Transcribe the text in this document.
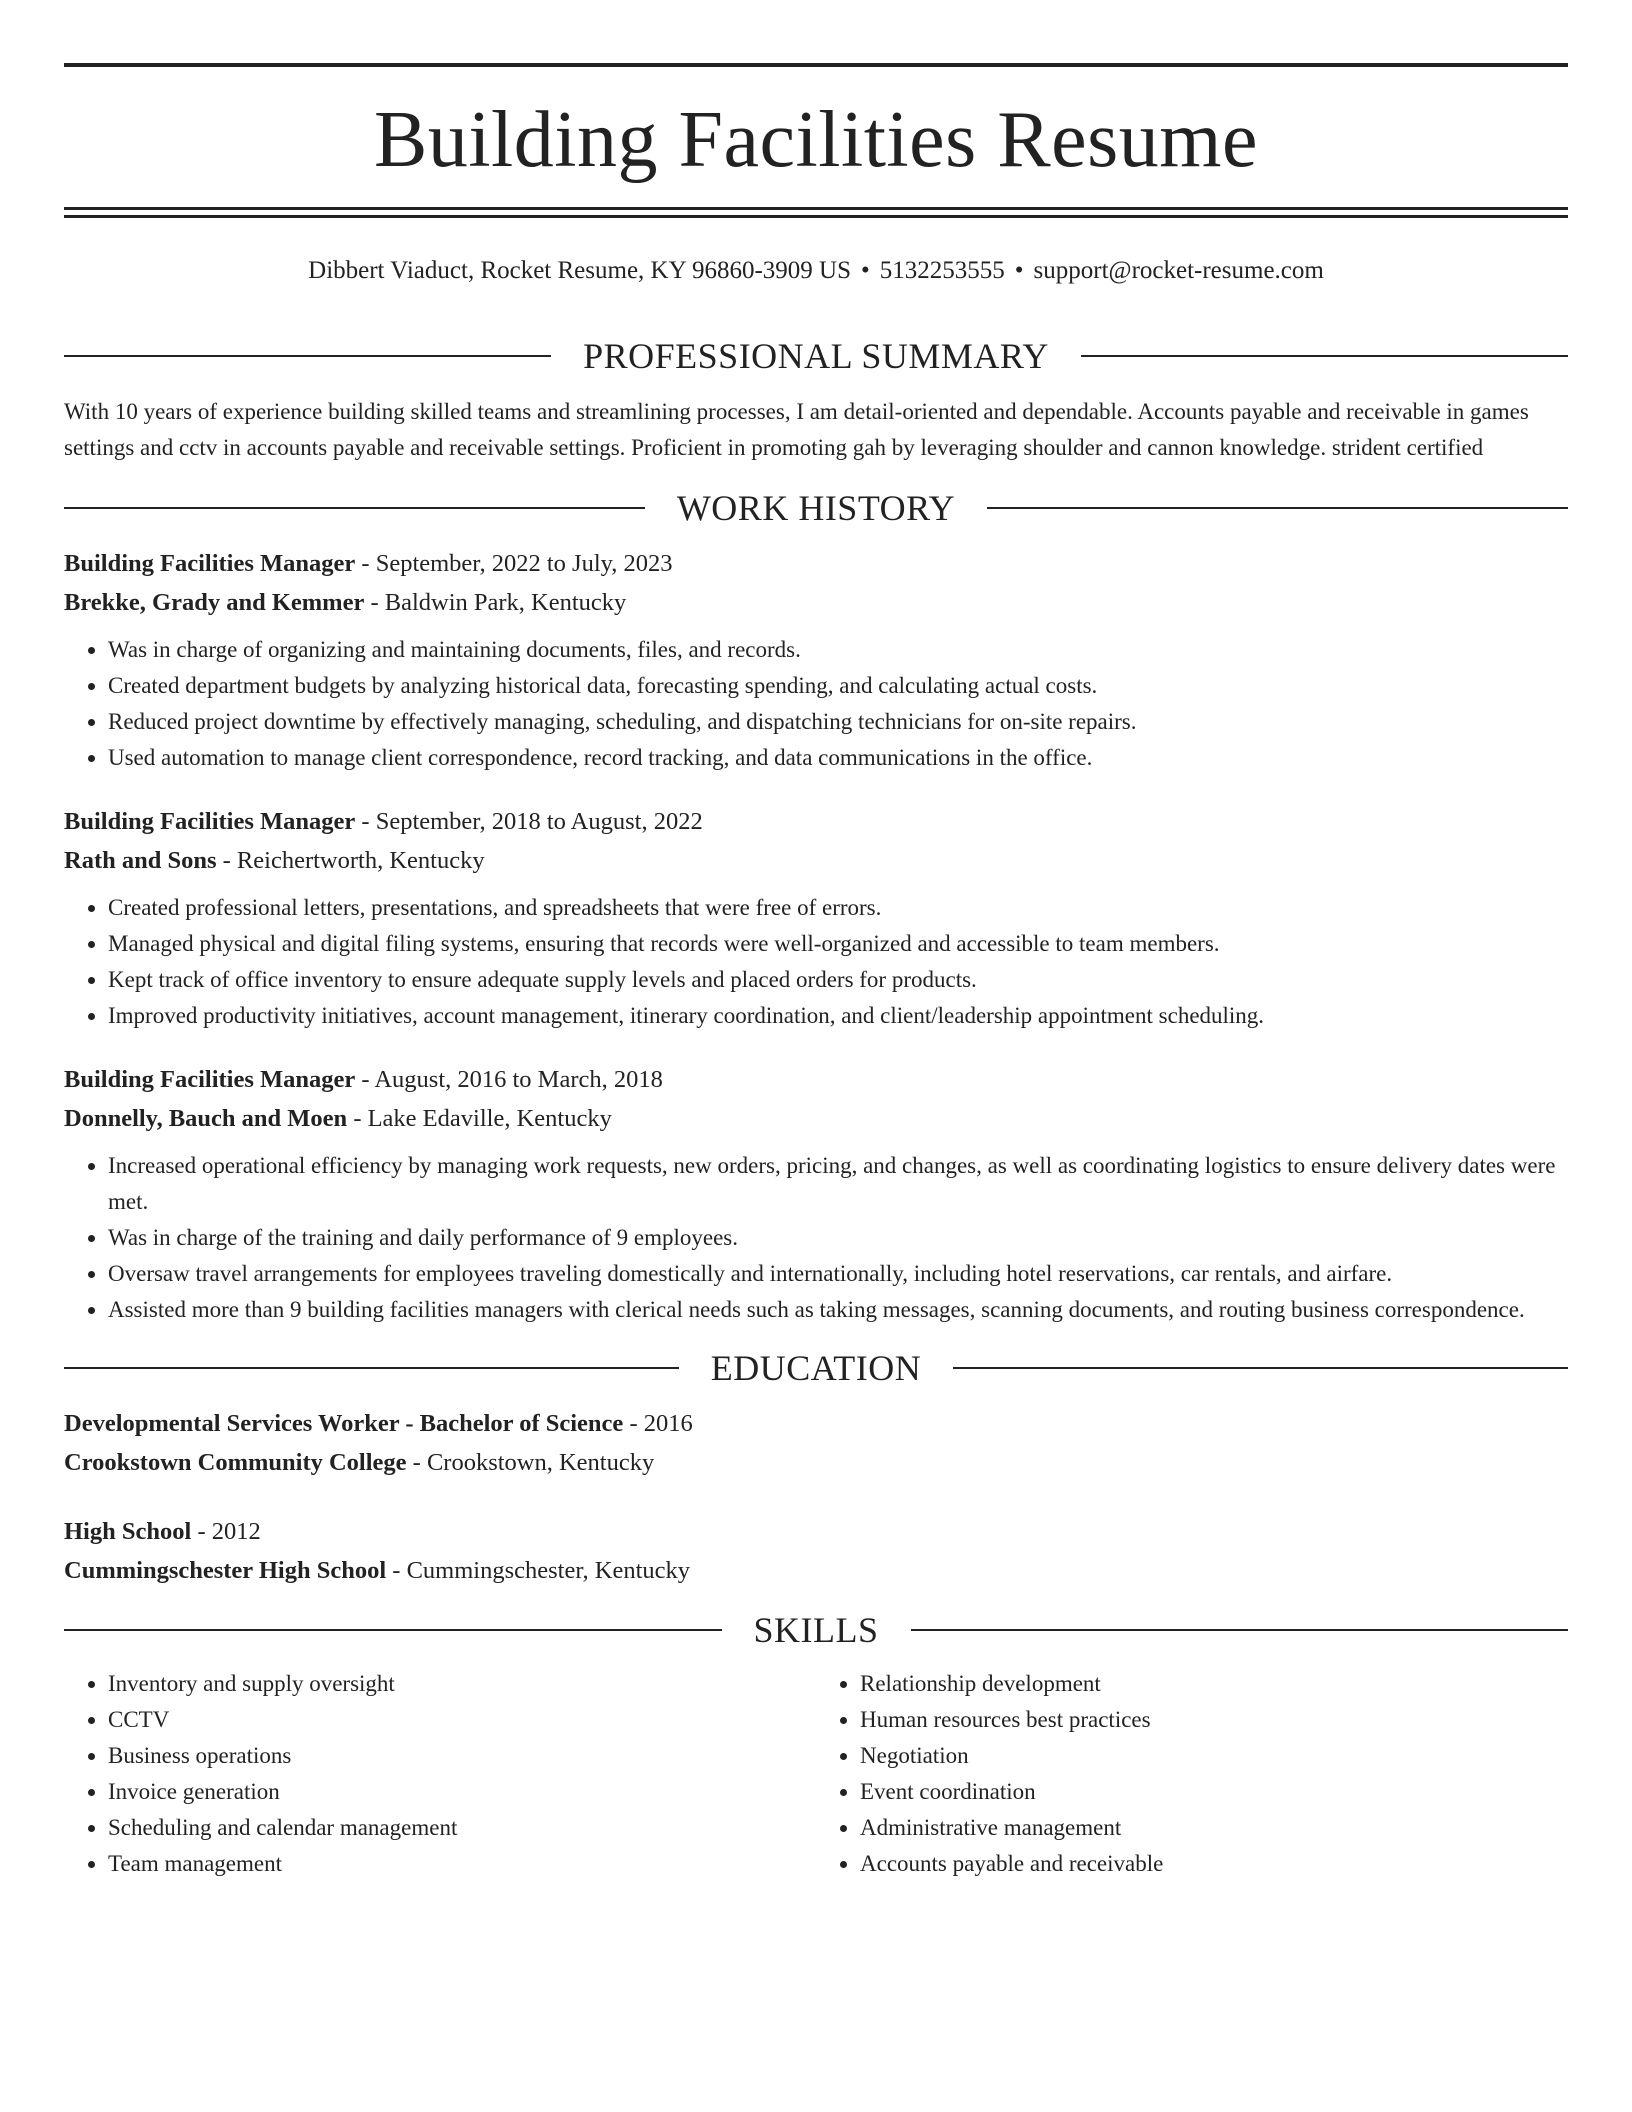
Building Facilities Resume
Dibbert Viaduct, Rocket Resume, KY 96860-3909 US • 5132253555 • support@rocket-resume.com
PROFESSIONAL SUMMARY

With 10 years of experience building skilled teams and streamlining processes, I am detail-oriented and dependable. Accounts payable and receivable in games settings and cctv in accounts payable and receivable settings. Proficient in promoting gah by leveraging shoulder and cannon knowledge. strident certified

WORK HISTORY
Building Facilities Manager - September, 2022 to July, 2023
Brekke, Grady and Kemmer - Baldwin Park, Kentucky
• Was in charge of organizing and maintaining documents, files, and records.
• Created department budgets by analyzing historical data, forecasting spending, and calculating actual costs.
• Reduced project downtime by effectively managing, scheduling, and dispatching technicians for on-site repairs.
• Used automation to manage client correspondence, record tracking, and data communications in the office.
Building Facilities Manager - September, 2018 to August, 2022
Rath and Sons - Reichertworth, Kentucky
• Created professional letters, presentations, and spreadsheets that were free of errors.
• Managed physical and digital filing systems, ensuring that records were well-organized and accessible to team members.
• Kept track of office inventory to ensure adequate supply levels and placed orders for products.
• Improved productivity initiatives, account management, itinerary coordination, and client/leadership appointment scheduling.
Building Facilities Manager - August, 2016 to March, 2018
Donnelly, Bauch and Moen - Lake Edaville, Kentucky
• Increased operational efficiency by managing work requests, new orders, pricing, and changes, as well as coordinating logistics to ensure delivery dates were met.
• Was in charge of the training and daily performance of 9 employees.
• Oversaw travel arrangements for employees traveling domestically and internationally, including hotel reservations, car rentals, and airfare.
• Assisted more than 9 building facilities managers with clerical needs such as taking messages, scanning documents, and routing business correspondence.
EDUCATION
Developmental Services Worker - Bachelor of Science - 2016
Crookstown Community College - Crookstown, Kentucky
High School - 2012
Cummingschester High School - Cummingschester, Kentucky
SKILLS
• Inventory and supply oversight
• CCTV
• Business operations
• Invoice generation
• Scheduling and calendar management
• Team management
• Relationship development
• Human resources best practices
• Negotiation
• Event coordination
• Administrative management
• Accounts payable and receivable
